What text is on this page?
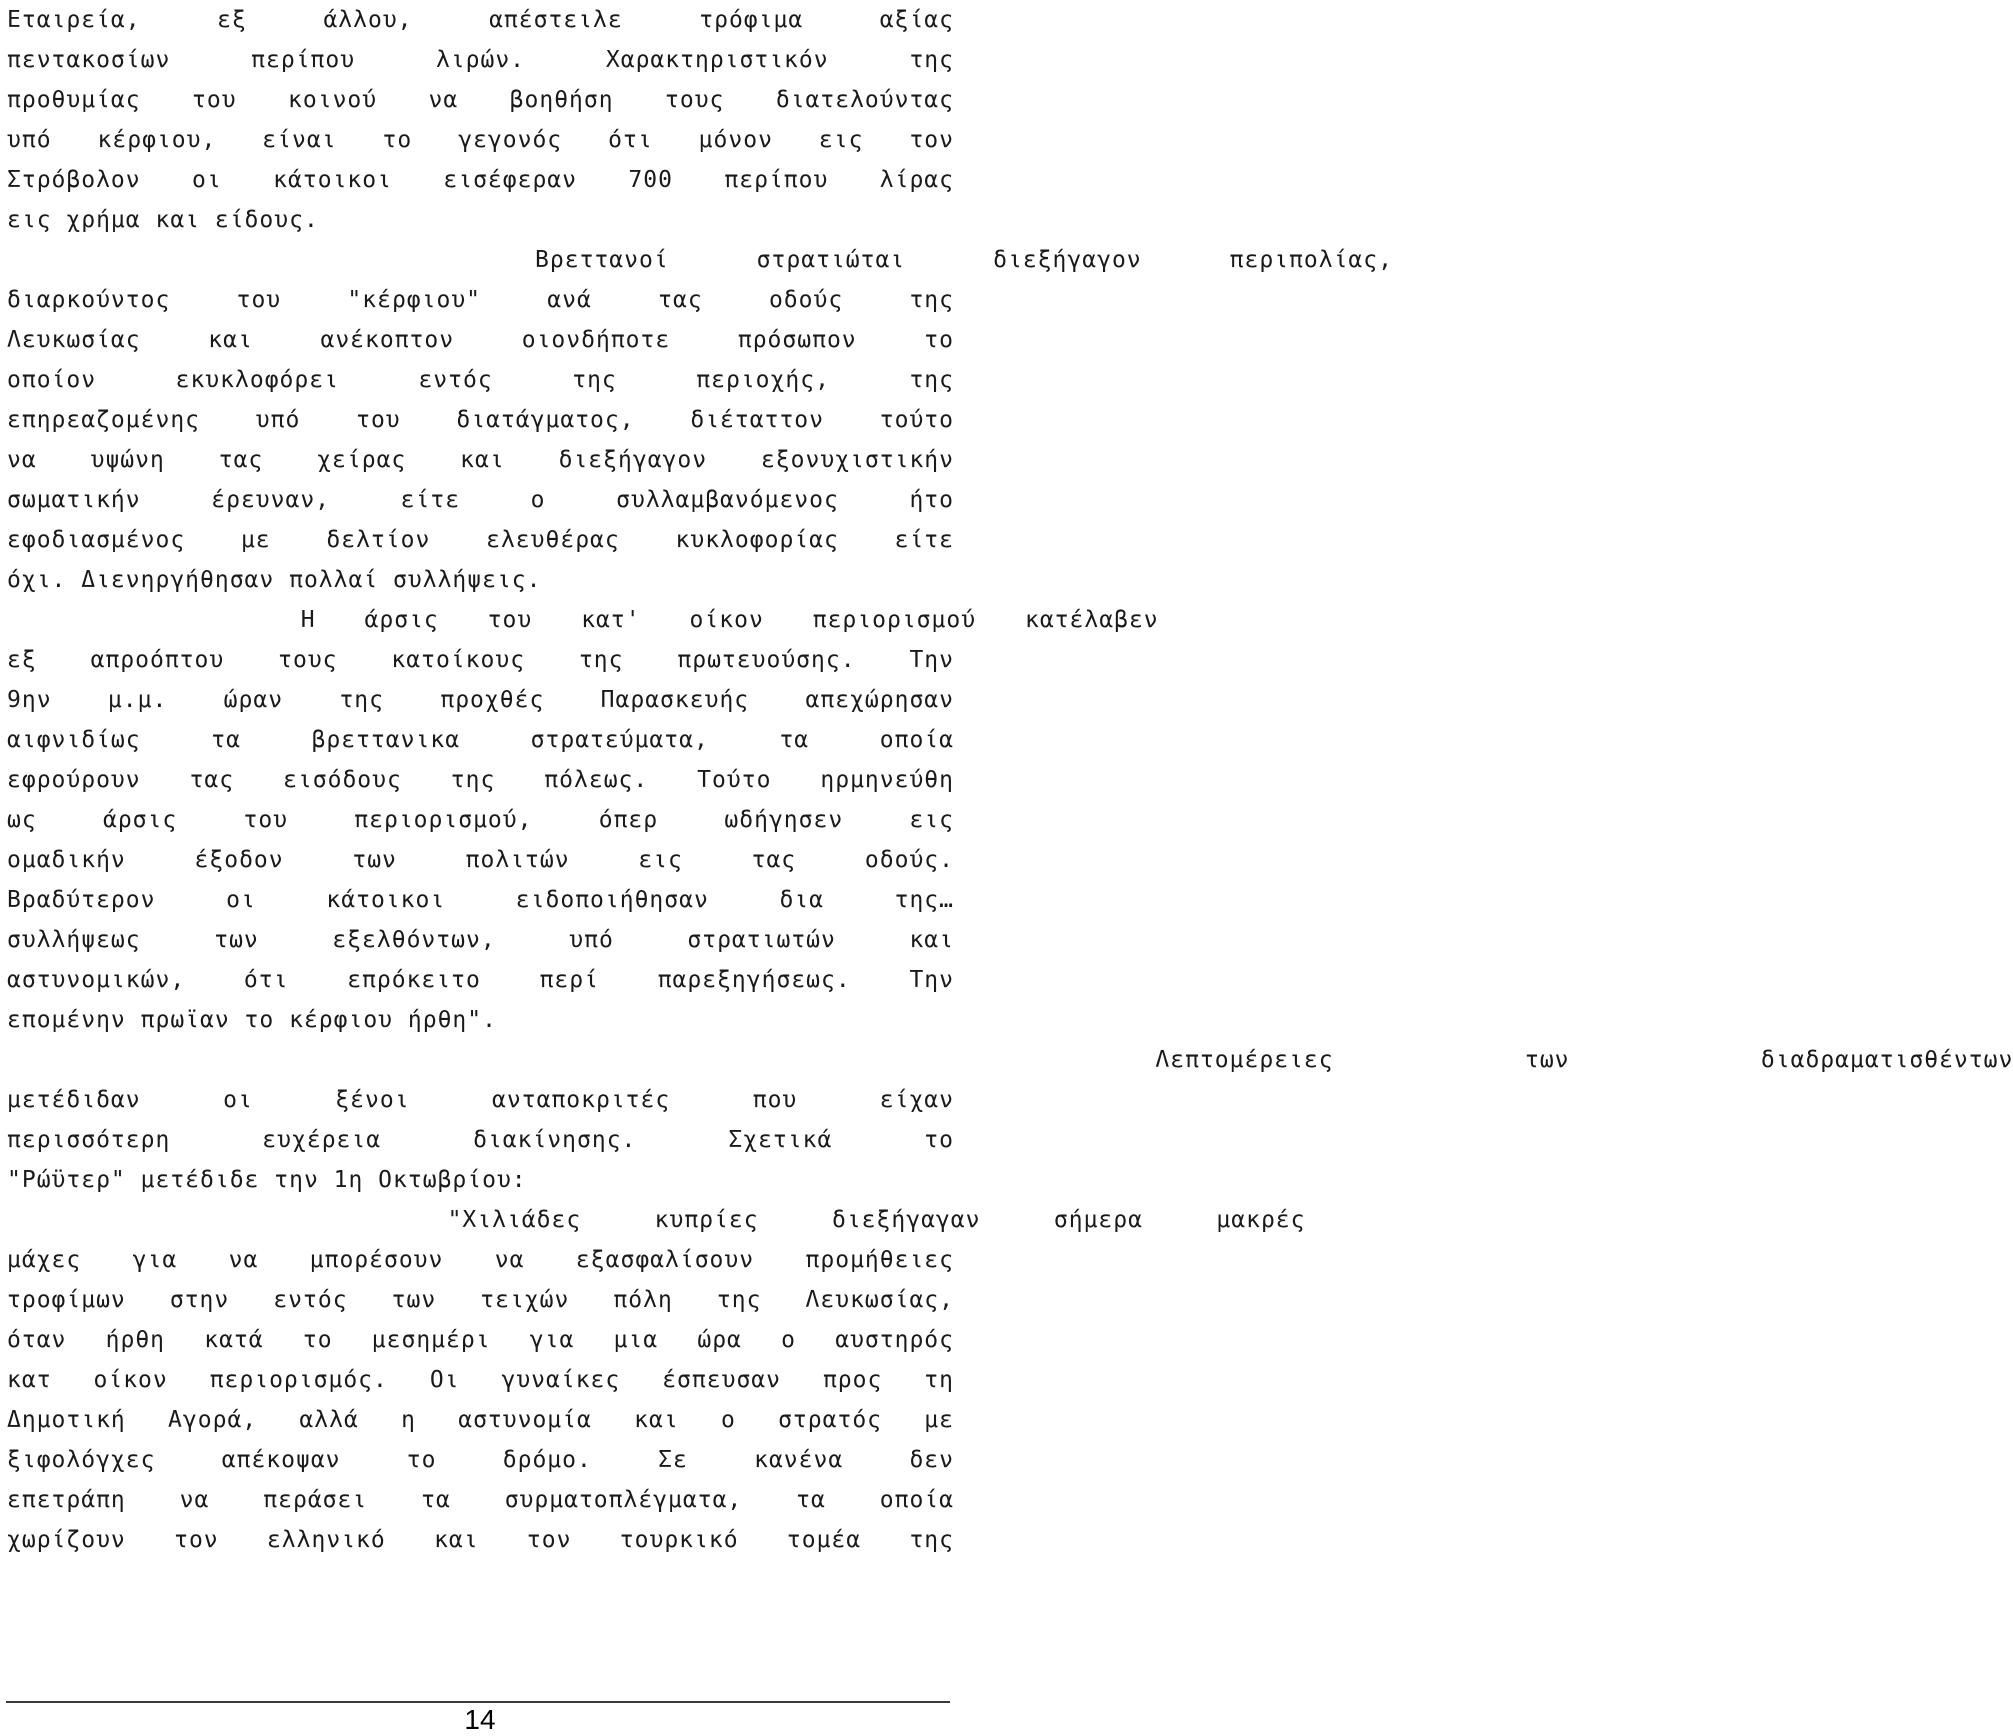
Εταιρεία, εξ άλλου, απέστειλε τρόφιμα αξίας
πεντακοσίων περίπου λιρών. Χαρακτηριστικόν της
προθυμίας του κοινού να βοηθήση τους διατελούντας
υπό κέρφιου, είναι το γεγονός ότι μόνον εις τον
Στρόβολον οι κάτοικοι εισέφεραν 700 περίπου λίρας
εις χρήμα και είδους.
Βρεττανοί στρατιώται διεξήγαγον περιπολίας,
διαρκούντος του "κέρφιου" ανά τας οδούς της
Λευκωσίας και ανέκοπτον οιονδήποτε πρόσωπον το
οποίον εκυκλοφόρει εντός της περιοχής, της
επηρεαζομένης υπό του διατάγματος, διέταττον τούτο
να υψώνη τας χείρας και διεξήγαγον εξονυχιστικήν
σωματικήν έρευναν, είτε ο συλλαμβανόμενος ήτο
εφοδιασμένος με δελτίον ελευθέρας κυκλοφορίας είτε
όχι. Διενηργήθησαν πολλαί συλλήψεις.
Η άρσις του κατ' οίκον περιορισμού κατέλαβεν
εξ απροόπτου τους κατοίκους της πρωτευούσης. Την
9ην μ.μ. ώραν της προχθές Παρασκευής απεχώρησαν
αιφνιδίως τα βρεττανικα στρατεύματα, τα οποία
εφρούρουν τας εισόδους της πόλεως. Τούτο ηρμηνεύθη
ως άρσις του περιορισμού, όπερ ωδήγησεν εις
ομαδικήν έξοδον των πολιτών εις τας οδούς.
Βραδύτερον οι κάτοικοι ειδοποιήθησαν δια της…
συλλήψεως των εξελθόντων, υπό στρατιωτών και
αστυνομικών, ότι επρόκειτο περί παρεξηγήσεως. Την
επομένην πρωϊαν το κέρφιου ήρθη".
Λεπτομέρειες των διαδραματισθέντων
μετέδιδαν οι ξένοι ανταποκριτές που είχαν
περισσότερη ευχέρεια διακίνησης. Σχετικά το
"Ρώϋτερ" μετέδιδε την 1η Οκτωβρίου:
"Χιλιάδες κυπρίες διεξήγαγαν σήμερα μακρές
μάχες για να μπορέσουν να εξασφαλίσουν προμήθειες
τροφίμων στην εντός των τειχών πόλη της Λευκωσίας,
όταν ήρθη κατά το μεσημέρι για μια ώρα ο αυστηρός
κατ οίκον περιορισμός. Οι γυναίκες έσπευσαν προς τη
Δημοτική Αγορά, αλλά η αστυνομία και ο στρατός με
ξιφολόγχες απέκοψαν το δρόμο. Σε κανένα δεν
επετράπη να περάσει τα συρματοπλέγματα, τα οποία
χωρίζουν τον ελληνικό και τον τουρκικό τομέα της
14
